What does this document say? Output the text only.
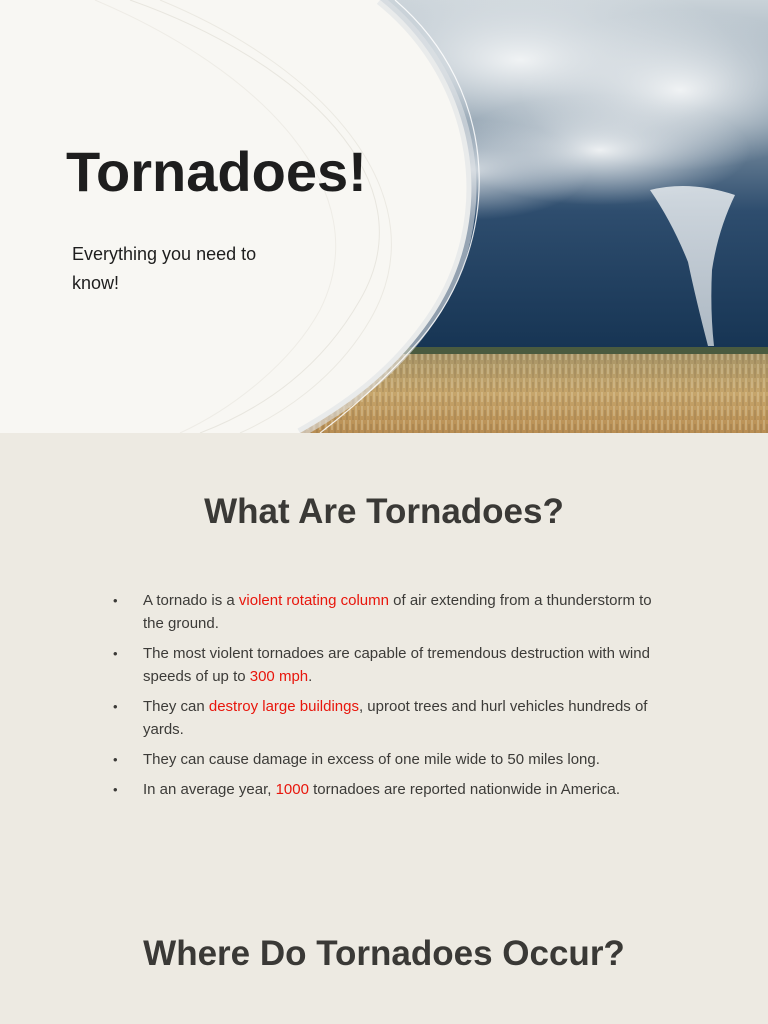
Tornadoes!

Everything you need to know!

What Are Tornadoes?
• A tornado is a violent rotating column of air extending from a thunderstorm to the ground.
• The most violent tornadoes are capable of tremendous destruction with wind speeds of up to 300 mph.
• They can destroy large buildings, uproot trees and hurl vehicles hundreds of yards.
• They can cause damage in excess of one mile wide to 50 miles long.
• In an average year, 1000 tornadoes are reported nationwide in America.
Where Do Tornadoes Occur?
